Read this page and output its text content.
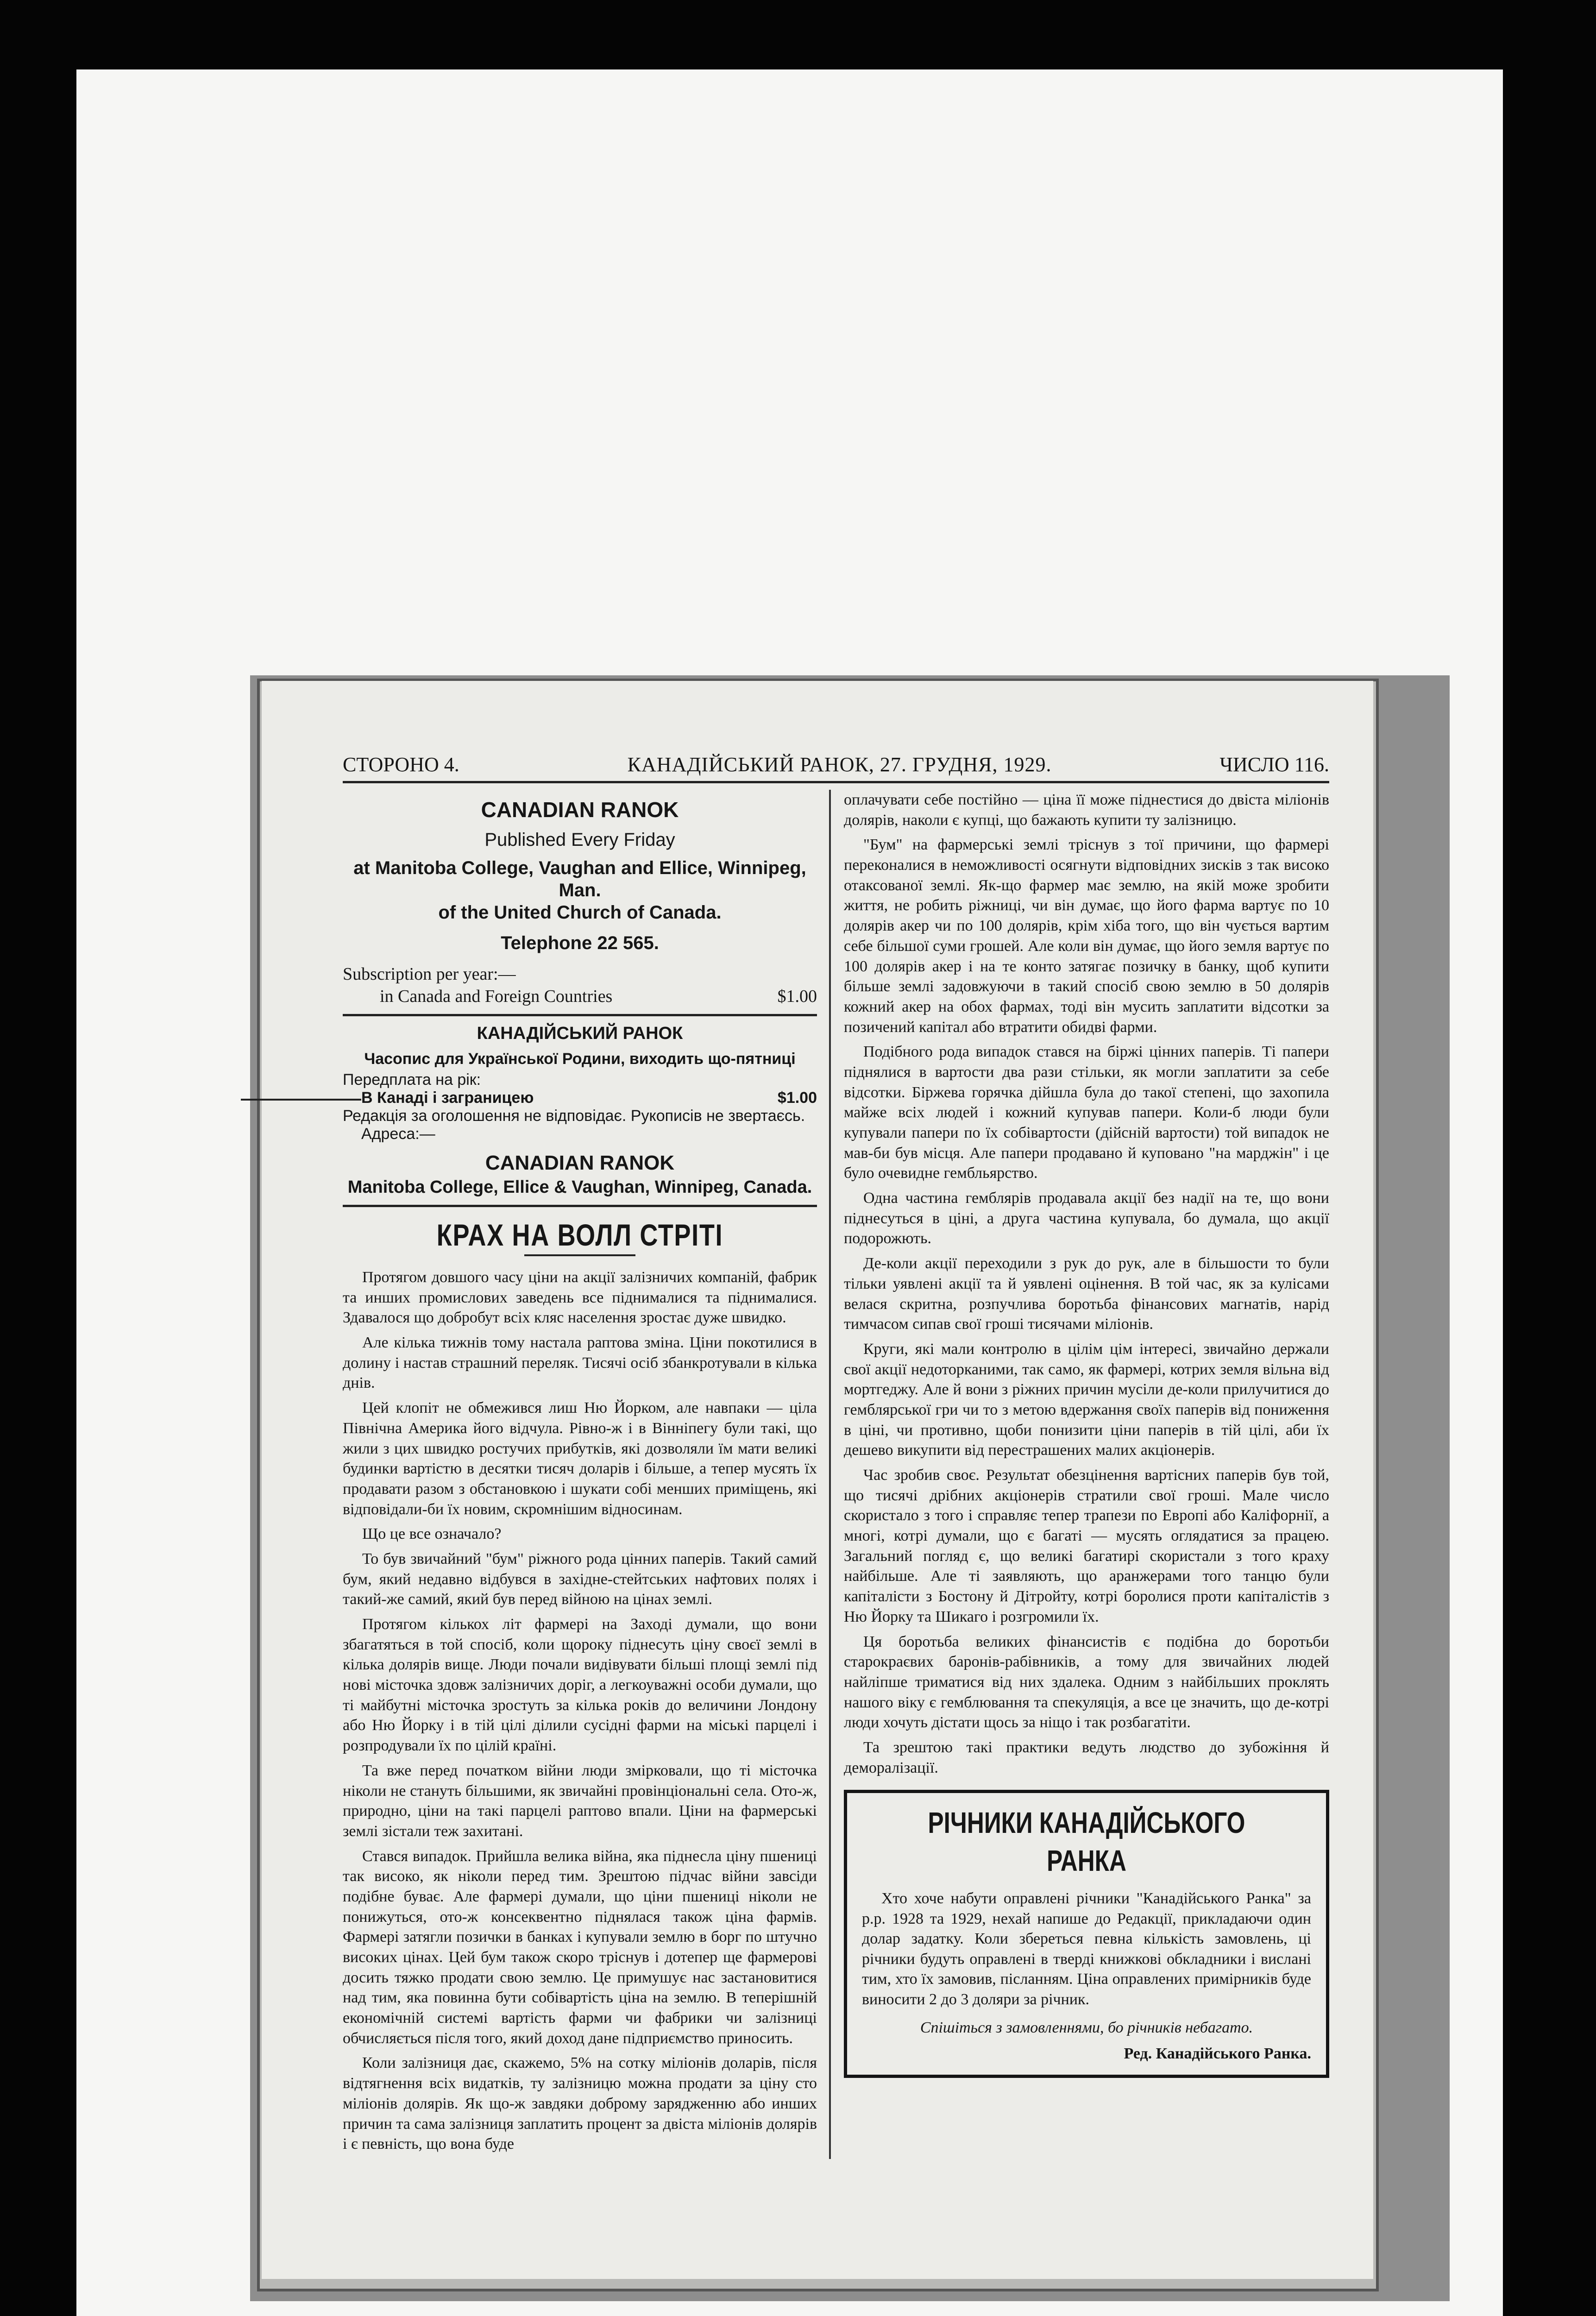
СТОРОНО 4.	КАНАДІЙСЬКИЙ РАНОК, 27. ГРУДНЯ, 1929.	ЧИСЛО 116.
CANADIAN RANOK
Published Every Friday
at Manitoba College, Vaughan and Ellice, Winnipeg, Man.
of the United Church of Canada.
Telephone 22 565.
Subscription per year:—
in Canada and Foreign Countries	$1.00
КАНАДІЙСЬКИЙ РАНОК
Часопис для Української Родини, виходить що-пятниці
Передплата на рік:
В Канаді і заграницею	$1.00
Редакція за оголошення не відповідає. Рукописів не звертаєсь.
Адреса:—
CANADIAN RANOK
Manitoba College, Ellice & Vaughan, Winnipeg, Canada.
КРАХ НА ВОЛЛ СТРІТІ

Протягом довшого часу ціни на акції залізничих компаній, фабрик та инших промислових заведень все піднималися та піднималися. Здавалося що добробут всіх кляс населення зростає дуже швидко.

Але кілька тижнів тому настала раптова зміна. Ціни покотилися в долину і настав страшний переляк. Тисячі осіб збанкротували в кілька днів.

Цей клопіт не обмежився лиш Ню Йорком, але навпаки — ціла Північна Америка його відчула. Рівно-ж і в Вінніпегу були такі, що жили з цих швидко ростучих прибутків, які дозволяли їм мати великі будинки вартістю в десятки тисяч доларів і більше, а тепер мусять їх продавати разом з обстановкою і шукати собі менших приміщень, які відповідали-би їх новим, скромнішим відносинам.

Що це все означало?

То був звичайний "бум" ріжного рода цінних паперів. Такий самий бум, який недавно відбувся в західне-стейтських нафтових полях і такий-же самий, який був перед війною на цінах землі.

Протягом кількох літ фармері на Заході думали, що вони збагатяться в той спосіб, коли щороку піднесуть ціну своєї землі в кілька долярів вище. Люди почали видівувати більші площі землі під нові місточка здовж залізничих доріг, а легкоуважні особи думали, що ті майбутні місточка зростуть за кілька років до величини Лондону або Ню Йорку і в тій цілі ділили сусідні фарми на міські парцелі і розпродували їх по цілій країні.

Та вже перед початком війни люди змірковали, що ті місточка ніколи не стануть більшими, як звичайні провінціональні села. Ото-ж, природно, ціни на такі парцелі раптово впали. Ціни на фармерські землі зістали теж захитані.

Стався випадок. Прийшла велика війна, яка піднесла ціну пшениці так високо, як ніколи перед тим. Зрештою підчас війни завсіди подібне буває. Але фармері думали, що ціни пшениці ніколи не понижуться, ото-ж консеквентно піднялася також ціна фармів. Фармері затягли позички в банках і купували землю в борг по штучно високих цінах. Цей бум також скоро тріснув і дотепер ще фармерові досить тяжко продати свою землю. Це примушує нас застановитися над тим, яка повинна бути собівартість ціна на землю. В теперішній економічній системі вартість фарми чи фабрики чи залізниці обчисляється після того, який доход дане підприємство приносить.

Коли залізниця дає, скажемо, 5% на сотку міліонів доларів, після відтягнення всіх видатків, ту залізницю можна продати за ціну сто міліонів долярів. Як що-ж завдяки доброму зарядженню або инших причин та сама залізниця заплатить процент за двіста міліонів долярів і є певність, що вона буде

оплачувати себе постійно — ціна її може піднестися до двіста міліонів долярів, наколи є купці, що бажають купити ту залізницю.

"Бум" на фармерські землі тріснув з тої причини, що фармері переконалися в неможливості осягнути відповідних зисків з так високо отаксованої землі. Як-що фармер має землю, на якій може зробити життя, не робить ріжниці, чи він думає, що його фарма вартує по 10 долярів акер чи по 100 долярів, крім хіба того, що він чується вартим себе більшої суми грошей. Але коли він думає, що його земля вартує по 100 долярів акер і на те конто затягає позичку в банку, щоб купити більше землі задовжуючи в такий спосіб свою землю в 50 долярів кожний акер на обох фармах, тоді він мусить заплатити відсотки за позичений капітал або втратити обидві фарми.

Подібного рода випадок стався на біржі цінних паперів. Ті папери піднялися в вартости два рази стільки, як могли заплатити за себе відсотки. Біржева горячка дійшла була до такої степені, що захопила майже всіх людей і кожний купував папери. Коли-б люди були купували папери по їх собівартости (дійсній вартости) той випадок не мав-би був місця. Але папери продавано й куповано "на марджін" і це було очевидне гембльярство.

Одна частина гемблярів продавала акції без надії на те, що вони піднесуться в ціні, а друга частина купувала, бо думала, що акції подорожють.

Де-коли акції переходили з рук до рук, але в більшости то були тільки уявлені акції та й уявлені оцінення. В той час, як за кулісами велася скритна, розпучлива боротьба фінансових магнатів, нарід тимчасом сипав свої гроші тисячами міліонів.

Круги, які мали контролю в цілім цім інтересі, звичайно держали свої акції недоторканими, так само, як фармері, котрих земля вільна від мортгеджу. Але й вони з ріжних причин мусіли де-коли прилучитися до гемблярської гри чи то з метою вдержання своїх паперів від пониження в ціні, чи противно, щоби понизити ціни паперів в тій цілі, аби їх дешево викупити від перестрашених малих акціонерів.

Час зробив своє. Результат обезцінення вартісних паперів був той, що тисячі дрібних акціонерів стратили свої гроші. Мале число скористало з того і справляє тепер трапези по Европі або Каліфорнії, а многі, котрі думали, що є багаті — мусять оглядатися за працею. Загальний погляд є, що великі багатирі скористали з того краху найбільше. Але ті заявляють, що аранжерами того танцю були капіталісти з Бостону й Дітройту, котрі боролися проти капіталістів з Ню Йорку та Шикаго і розгромили їх.

Ця боротьба великих фінансистів є подібна до боротьби старокраєвих баронів-рабівників, а тому для звичайних людей найліпше триматися від них здалека. Одним з найбільших проклять нашого віку є гемблювання та спекуляція, а все це значить, що де-котрі люди хочуть дістати щось за ніщо і так розбагатіти.

Та зрештою такі практики ведуть людство до зубожіння й деморалізації.

РІЧНИКИ КАНАДІЙСЬКОГО РАНКА
Хто хоче набути оправлені річники "Канадійського Ранка" за р.р. 1928 та 1929, нехай напише до Редакції, прикладаючи один долар задатку. Коли збереться певна кількість замовлень, ці річники будуть оправлені в тверді книжкові обкладники і вислані тим, хто їх замовив, післанням. Ціна оправлених примірників буде виносити 2 до 3 доляри за річник.
Спішіться з замовленнями, бо річників небагато.
Ред. Канадійського Ранка.
